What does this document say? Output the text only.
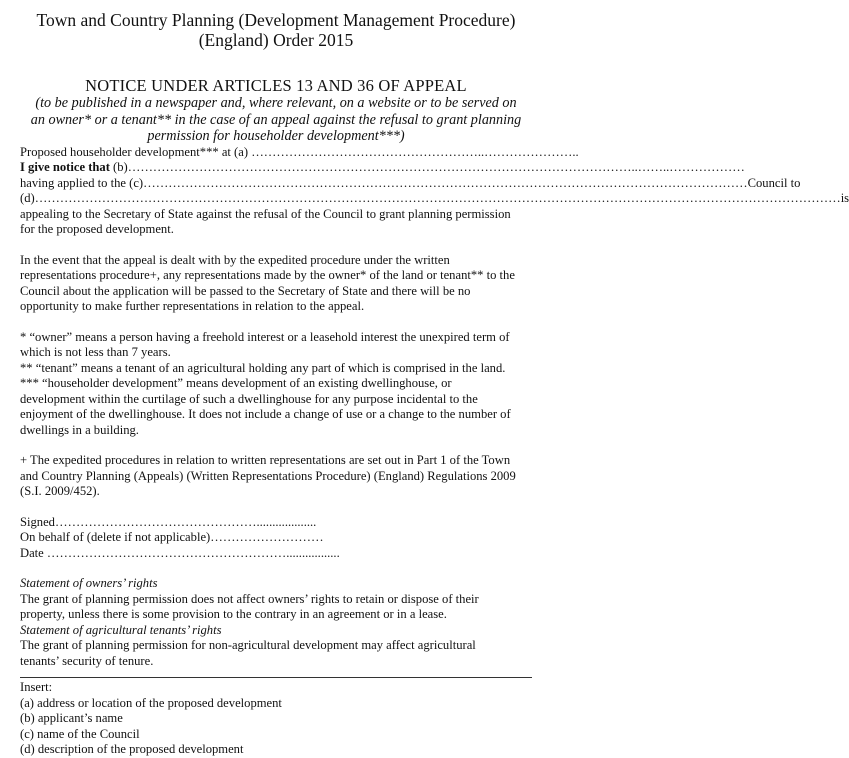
Town and Country Planning (Development Management Procedure)

(England) Order 2015

NOTICE UNDER ARTICLES 13 AND 36 OF APPEAL

(to be published in a newspaper and, where relevant, on a website or to be served on

an owner* or a tenant** in the case of an appeal against the refusal to grant planning

permission for householder development***)

Proposed householder development*** at (a) ………………………………………………..…………………..
I give notice that (b)…………………………………………………………………………………………………………..……..………………
having applied to the (c) ……………………………………………………………………………………………………………………………… Council to
(d) ………………………………………………………………………………………………………………………………………………………………………… is

appealing to the Secretary of State against the refusal of the Council to grant planning permission

for the proposed development.

In the event that the appeal is dealt with by the expedited procedure under the written

representations procedure+, any representations made by the owner* of the land or tenant** to the

Council about the application will be passed to the Secretary of State and there will be no

opportunity to make further representations in relation to the appeal.

* “owner” means a person having a freehold interest or a leasehold interest the unexpired term of

which is not less than 7 years.

** “tenant” means a tenant of an agricultural holding any part of which is comprised in the land.

*** “householder development” means development of an existing dwellinghouse, or

development within the curtilage of such a dwellinghouse for any purpose incidental to the

enjoyment of the dwellinghouse. It does not include a change of use or a change to the number of

dwellings in a building.

+ The expedited procedures in relation to written representations are set out in Part 1 of the Town

and Country Planning (Appeals) (Written Representations Procedure) (England) Regulations 2009

(S.I. 2009/452).

Signed…………………………………………...................

On behalf of (delete if not applicable)………………………

Date ………………………………………………….................

Statement of owners’ rights

The grant of planning permission does not affect owners’ rights to retain or dispose of their

property, unless there is some provision to the contrary in an agreement or in a lease.

Statement of agricultural tenants’ rights

The grant of planning permission for non-agricultural development may affect agricultural

tenants’ security of tenure.

Insert:

(a) address or location of the proposed development

(b) applicant’s name

(c) name of the Council

(d) description of the proposed development
